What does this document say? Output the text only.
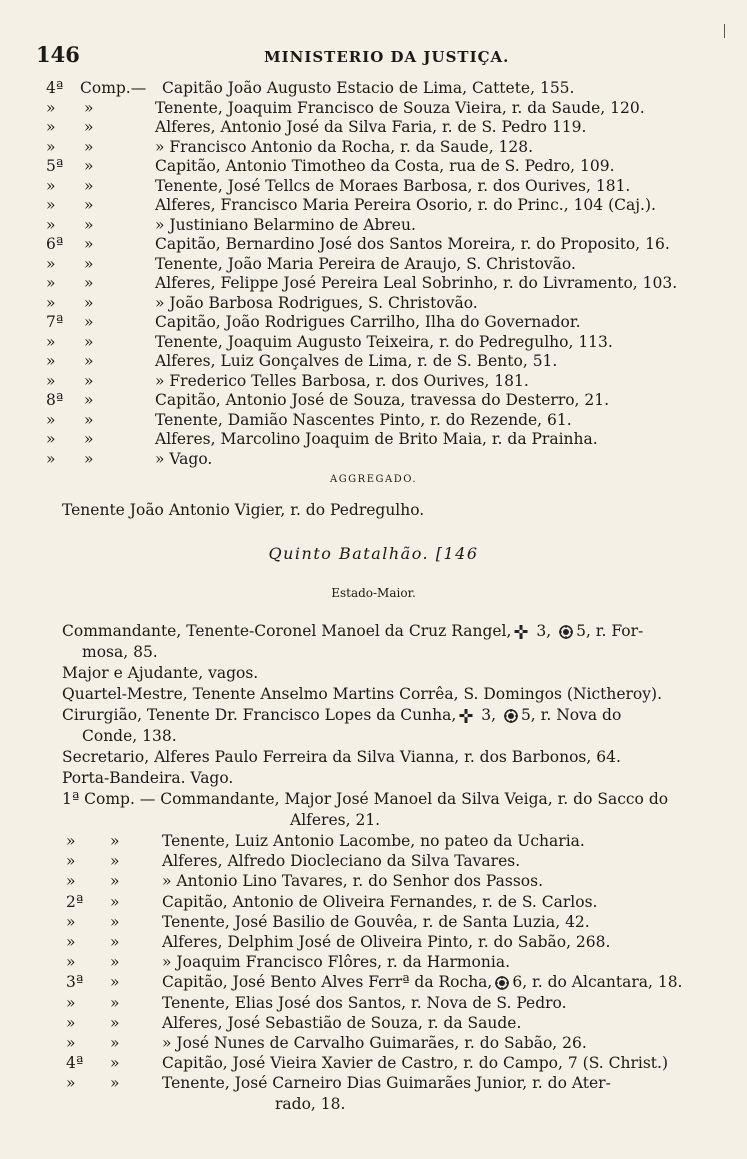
146	MINISTERIO DA JUSTIÇA.
4ª Comp.— Capitão João Augusto Estacio de Lima, Cattete, 155.
» »	Tenente, Joaquim Francisco de Souza Vieira, r. da Saude, 120.
» »	Alferes, Antonio José da Silva Faria, r. de S. Pedro 119.
» »	» Francisco Antonio da Rocha, r. da Saude, 128.
5ª »	Capitão, Antonio Timotheo da Costa, rua de S. Pedro, 109.
» »	Tenente, José Tellcs de Moraes Barbosa, r. dos Ourives, 181.
» »	Alferes, Francisco Maria Pereira Osorio, r. do Princ., 104 (Caj.).
» »	» Justiniano Belarmino de Abreu.
6ª »	Capitão, Bernardino José dos Santos Moreira, r. do Proposito, 16.
» »	Tenente, João Maria Pereira de Araujo, S. Christovão.
» »	Alferes, Felippe José Pereira Leal Sobrinho, r. do Livramento, 103.
» »	» João Barbosa Rodrigues, S. Christovão.
7ª »	Capitão, João Rodrigues Carrilho, Ilha do Governador.
» »	Tenente, Joaquim Augusto Teixeira, r. do Pedregulho, 113.
» »	Alferes, Luiz Gonçalves de Lima, r. de S. Bento, 51.
» »	» Frederico Telles Barbosa, r. dos Ourives, 181.
8ª »	Capitão, Antonio José de Souza, travessa do Desterro, 21.
» »	Tenente, Damião Nascentes Pinto, r. do Rezende, 61.
» »	Alferes, Marcolino Joaquim de Brito Maia, r. da Prainha.
» »	» Vago.
AGGREGADO.
Tenente João Antonio Vigier, r. do Pedregulho.
Quinto Batalhão. [146
Estado-Maior.
Commandante, Tenente-Coronel Manoel da Cruz Rangel, 3, 5, r. For-
mosa, 85.
Major e Ajudante, vagos.
Quartel-Mestre, Tenente Anselmo Martins Corrêa, S. Domingos (Nictheroy).
Cirurgião, Tenente Dr. Francisco Lopes da Cunha, 3, 5, r. Nova do
Conde, 138.
Secretario, Alferes Paulo Ferreira da Silva Vianna, r. dos Barbonos, 64.
Porta-Bandeira. Vago.
1ª Comp. — Commandante, Major José Manoel da Silva Veiga, r. do Sacco do
Alferes, 21.
» »	Tenente, Luiz Antonio Lacombe, no pateo da Ucharia.
» »	Alferes, Alfredo Diocleciano da Silva Tavares.
» »	» Antonio Lino Tavares, r. do Senhor dos Passos.
2ª »	Capitão, Antonio de Oliveira Fernandes, r. de S. Carlos.
» »	Tenente, José Basilio de Gouvêa, r. de Santa Luzia, 42.
» »	Alferes, Delphim José de Oliveira Pinto, r. do Sabão, 268.
» »	» Joaquim Francisco Flôres, r. da Harmonia.
3ª »	Capitão, José Bento Alves Ferrª da Rocha, 6, r. do Alcantara, 18.
» »	Tenente, Elias José dos Santos, r. Nova de S. Pedro.
» »	Alferes, José Sebastião de Souza, r. da Saude.
» »	» José Nunes de Carvalho Guimarães, r. do Sabão, 26.
4ª »	Capitão, José Vieira Xavier de Castro, r. do Campo, 7 (S. Christ.)
» »	Tenente, José Carneiro Dias Guimarães Junior, r. do Ater-
rado, 18.
